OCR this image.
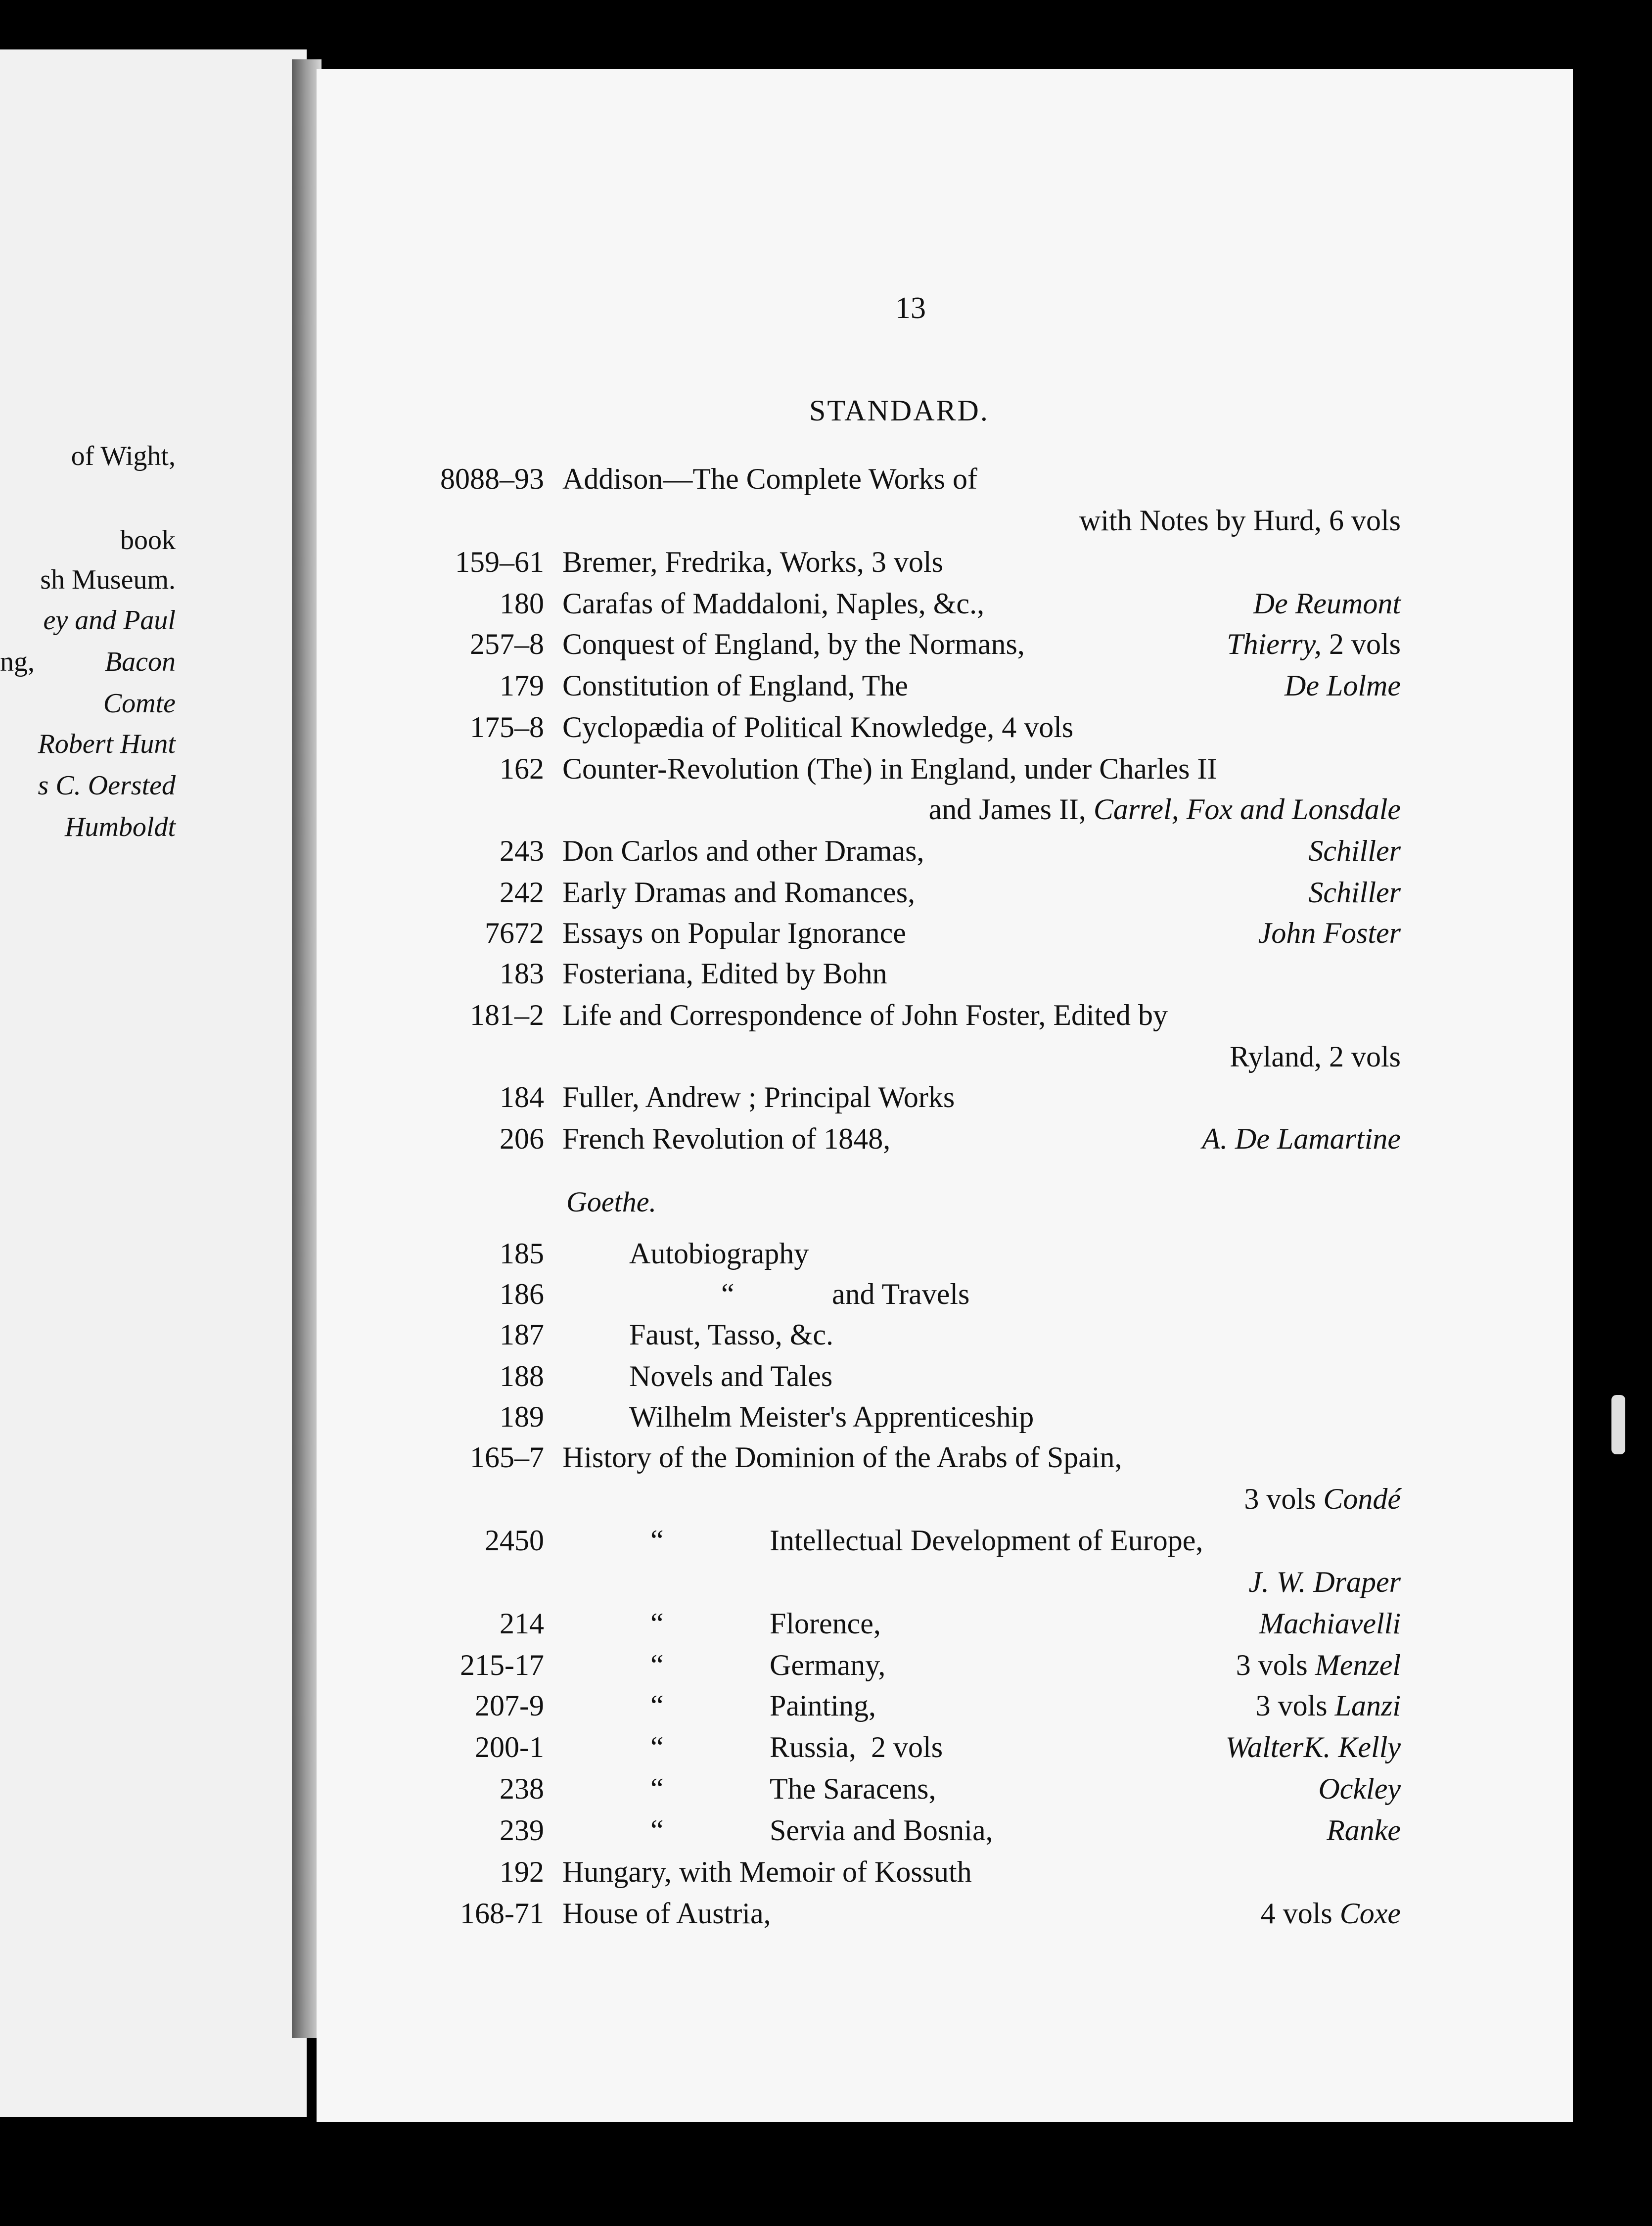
of Wight,
book
sh Museum.
ey and Paul
ng,	Bacon
Comte
Robert Hunt
s C. Oersted
Humboldt
13
STANDARD.
8088–93 Addison—The Complete Works of
with Notes by Hurd, 6 vols
159–61 Bremer, Fredrika, Works, 3 vols
180 Carafas of Maddaloni, Naples, &c.,	De Reumont
257–8 Conquest of England, by the Normans,	Thierry, 2 vols
179 Constitution of England, The	De Lolme
175–8 Cyclopædia of Political Knowledge, 4 vols
162 Counter-Revolution (The) in England, under Charles II
and James II, Carrel, Fox and Lonsdale
243 Don Carlos and other Dramas,	Schiller
242 Early Dramas and Romances,	Schiller
7672 Essays on Popular Ignorance	John Foster
183 Fosteriana, Edited by Bohn
181–2 Life and Correspondence of John Foster, Edited by
Ryland, 2 vols
184 Fuller, Andrew ; Principal Works
206 French Revolution of 1848,	A. De Lamartine
Goethe.
185	Autobiography
186	“	and Travels
187	Faust, Tasso, &c.
188	Novels and Tales
189	Wilhelm Meister's Apprenticeship
165–7 History of the Dominion of the Arabs of Spain,
3 vols Condé
2450	“	Intellectual Development of Europe,
J. W. Draper
214	“	Florence,	Machiavelli
215-17	“	Germany,	3 vols Menzel
207-9	“	Painting,	3 vols Lanzi
200-1	“	Russia,  2 vols	WalterK. Kelly
238	“	The Saracens,	Ockley
239	“	Servia and Bosnia,	Ranke
192 Hungary, with Memoir of Kossuth
168-71 House of Austria,	4 vols Coxe
